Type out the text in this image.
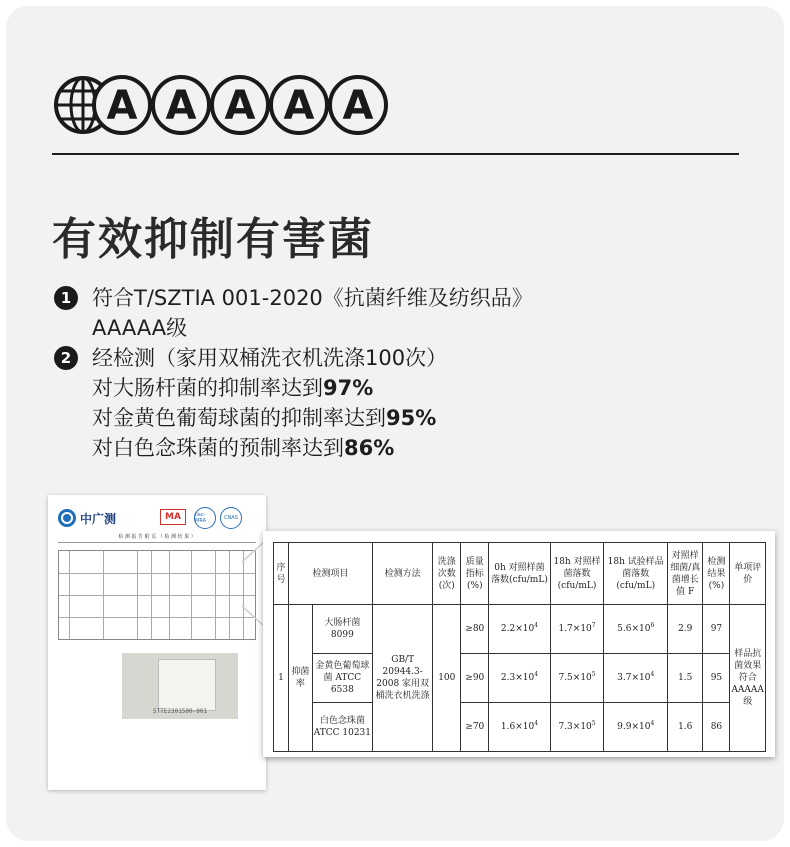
A A A A A
有效抑制有害菌
1 符合T/SZTIA 001-2020《抗菌纤维及纺织品》
AAAAA级
2 经检测（家用双桶洗衣机洗涤100次）
对大肠杆菌的抑制率达到 97%
对金黄色葡萄球菌的抑制率达到 95%
对白色念珠菌的预制率达到 86%
中广测	MA	ilac-MRA	CNAS
检 测 报 告 附 页 （ 检 测 结 果 ）
STTE2301500-001
序号	检测项目		检测方法	洗涤次数(次)	质量指标(%)	0h 对照样菌落数(cfu/mL)	18h 对照样菌落数(cfu/mL)	18h 试验样品菌落数(cfu/mL)	对照样细菌/真菌增长值 F	检测结果(%)	单项评价
1	抑菌率	大肠杆菌 8099	GB/T 20944.3-2008 家用双桶洗衣机洗涤	100	≥80	$2.2\times 10^4$	$1.7\times 10^7$	$5.6\times 10^6$	2.9	97	样品抗菌效果符合AAAAA级
		金黄色葡萄球菌 ATCC 6538			≥90	$2.3\times 10^4$	$7.5\times 10^5$	$3.7\times 10^4$	1.5	95	
		白色念珠菌 ATCC 10231			≥70	$1.6\times 10^4$	$7.3\times 10^5$	$9.9\times 10^4$	1.6	86	
